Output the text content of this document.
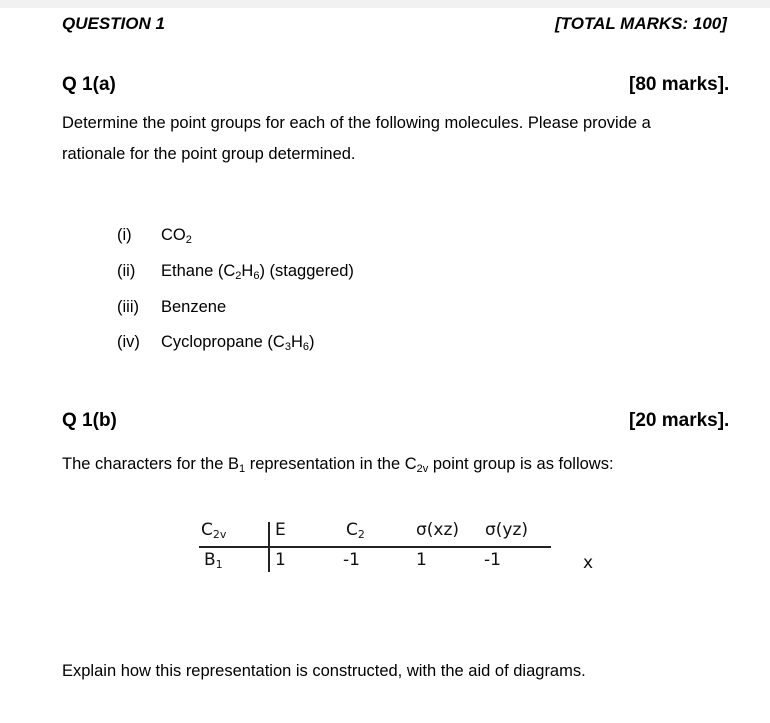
QUESTION 1	[TOTAL MARKS: 100]
Q 1(a)	[80 marks].
Determine the point groups for each of the following molecules. Please provide a
rationale for the point group determined.
(i) $CO_2$
(ii) Ethane $(C_2H_6)$ (staggered)
(iii) Benzene
(iv) Cyclopropane $(C_3H_6)$
Q 1(b)	[20 marks].
The characters for the $B_1$ representation in the $C_{2v}$ point group is as follows:
$C_{2v}$	E	$C_2$	σ(xz) σ(yz)
$B_1$	1	-1	1	-1	x
Explain how this representation is constructed, with the aid of diagrams.
